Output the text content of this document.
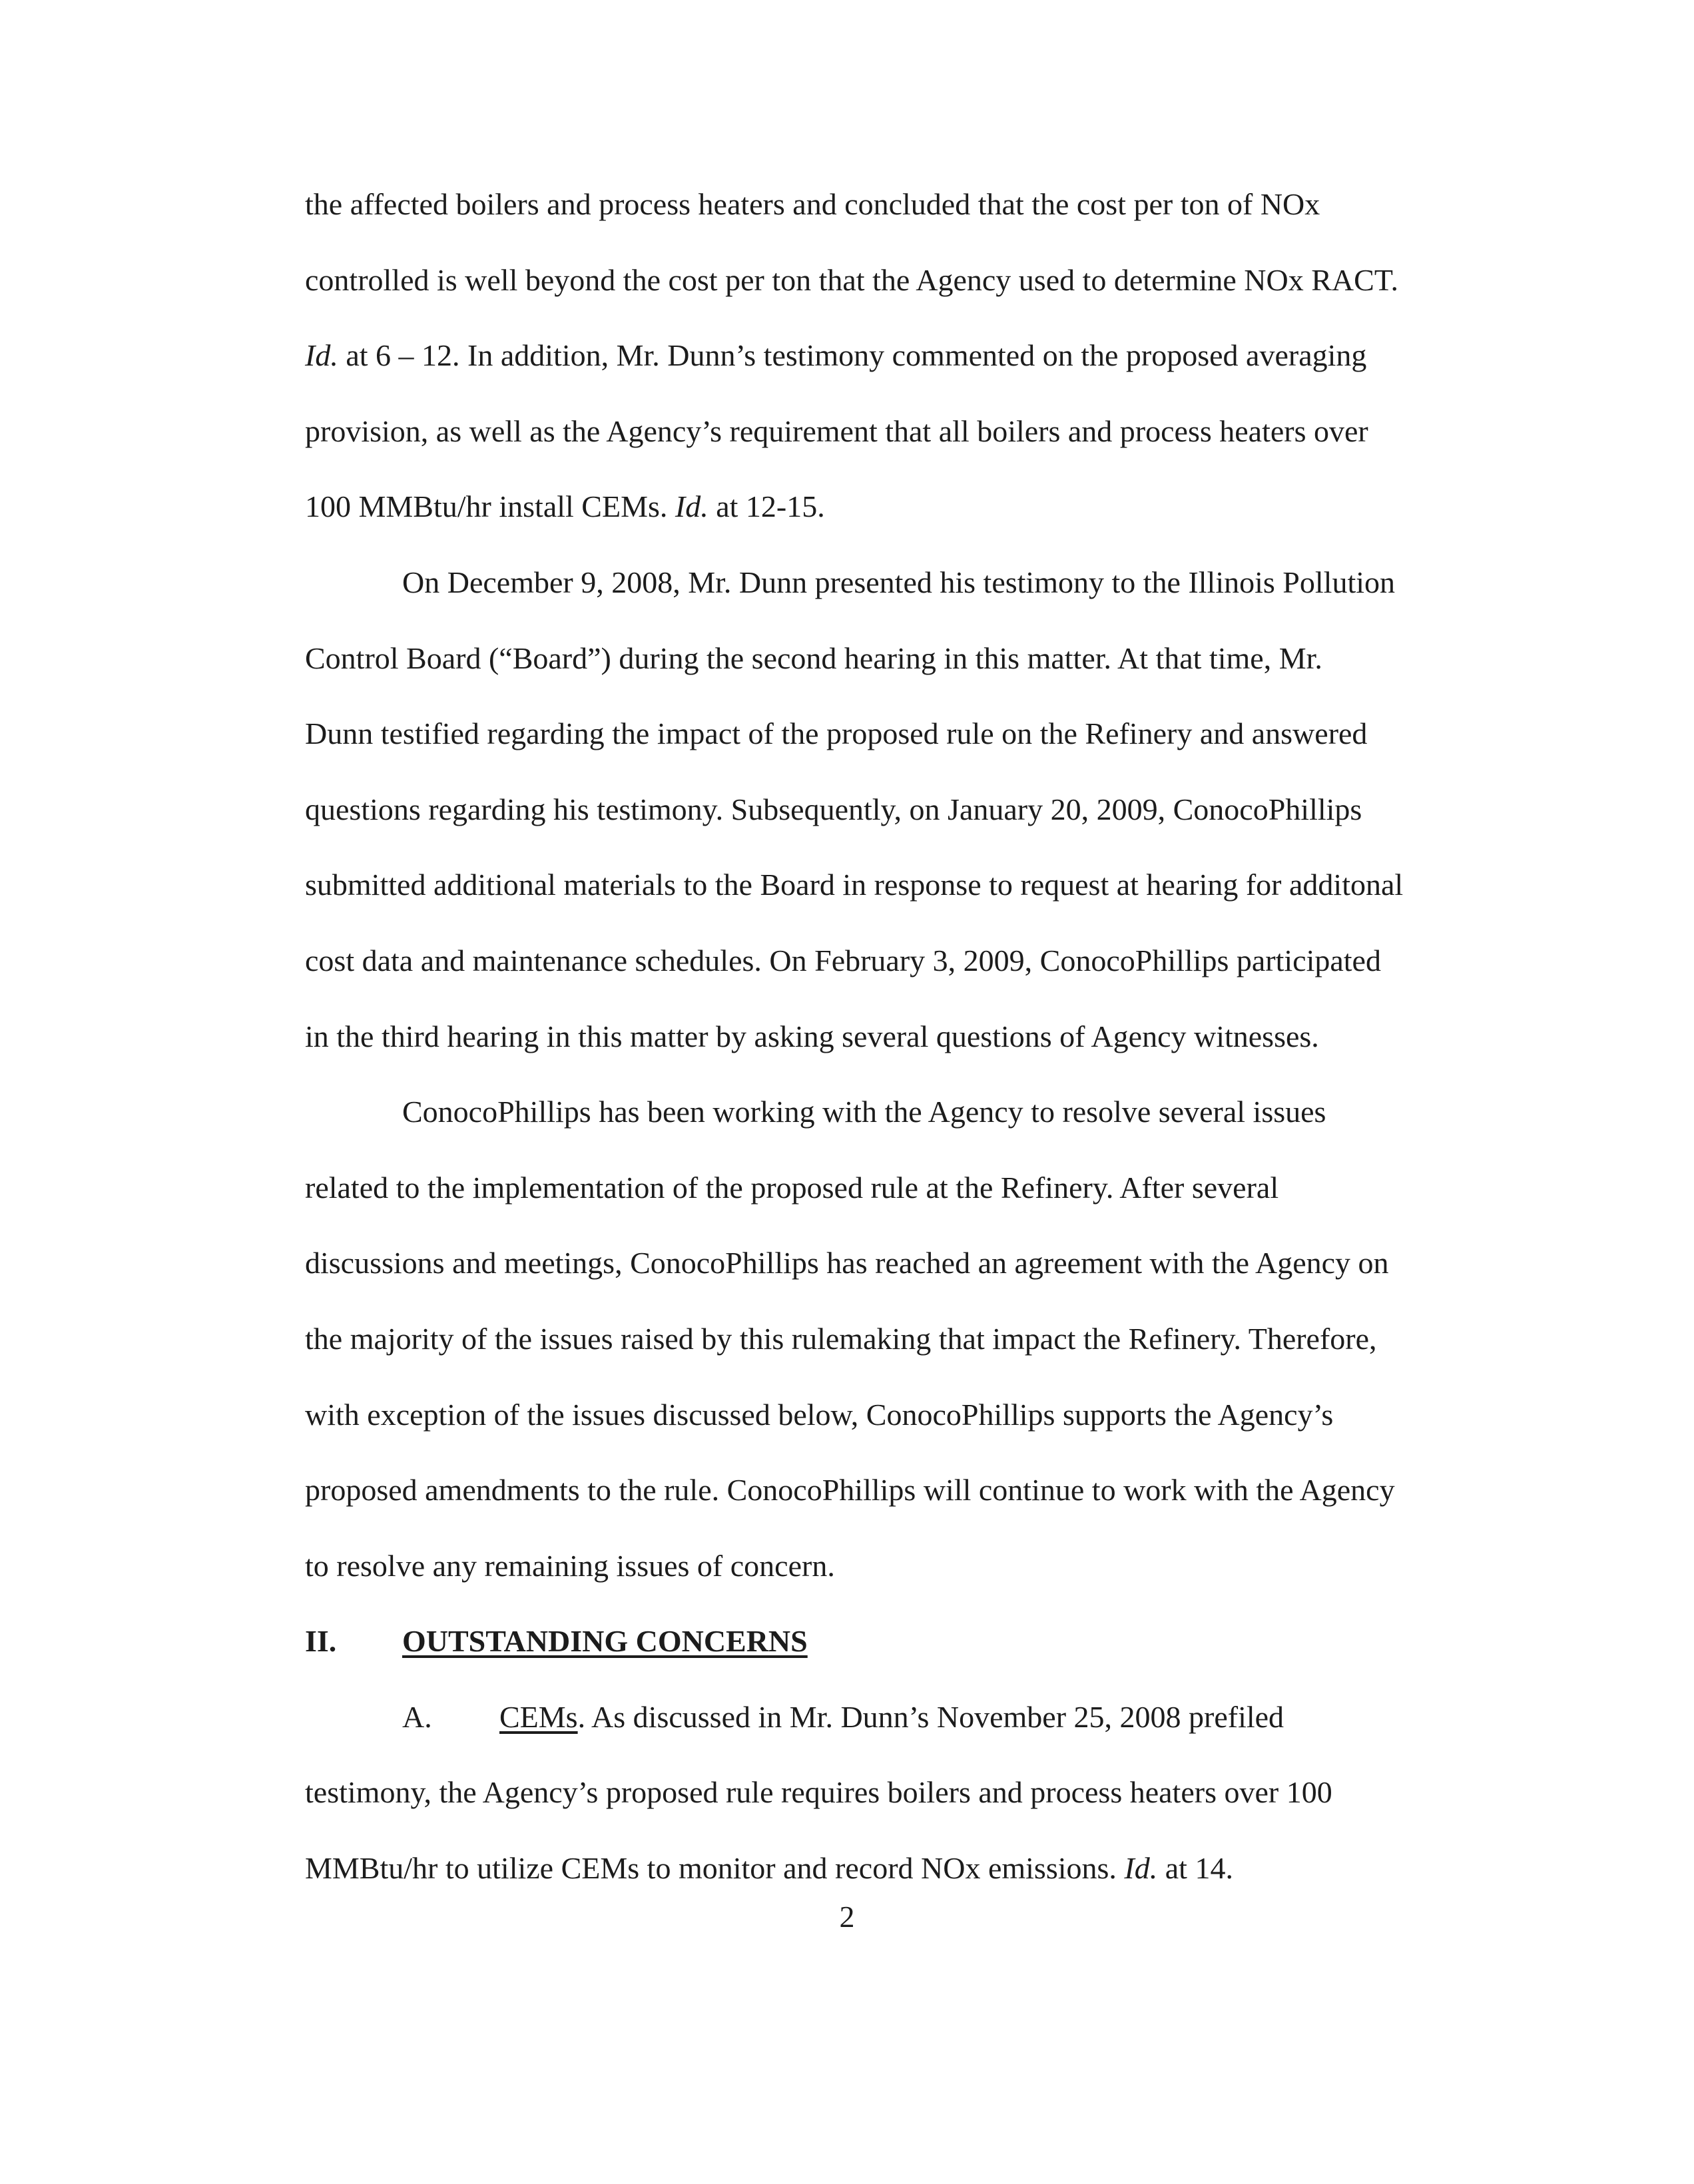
the affected boilers and process heaters and concluded that the cost per ton of NOx
controlled is well beyond the cost per ton that the Agency used to determine NOx RACT.
Id. at 6 – 12. In addition, Mr. Dunn’s testimony commented on the proposed averaging
provision, as well as the Agency’s requirement that all boilers and process heaters over
100 MMBtu/hr install CEMs. Id. at 12-15.
On December 9, 2008, Mr. Dunn presented his testimony to the Illinois Pollution
Control Board (“Board”) during the second hearing in this matter. At that time, Mr.
Dunn testified regarding the impact of the proposed rule on the Refinery and answered
questions regarding his testimony. Subsequently, on January 20, 2009, ConocoPhillips
submitted additional materials to the Board in response to request at hearing for additonal
cost data and maintenance schedules. On February 3, 2009, ConocoPhillips participated
in the third hearing in this matter by asking several questions of Agency witnesses.
ConocoPhillips has been working with the Agency to resolve several issues
related to the implementation of the proposed rule at the Refinery. After several
discussions and meetings, ConocoPhillips has reached an agreement with the Agency on
the majority of the issues raised by this rulemaking that impact the Refinery. Therefore,
with exception of the issues discussed below, ConocoPhillips supports the Agency’s
proposed amendments to the rule. ConocoPhillips will continue to work with the Agency
to resolve any remaining issues of concern.
II. OUTSTANDING CONCERNS
A. CEMs. As discussed in Mr. Dunn’s November 25, 2008 prefiled
testimony, the Agency’s proposed rule requires boilers and process heaters over 100
MMBtu/hr to utilize CEMs to monitor and record NOx emissions. Id. at 14.
2
